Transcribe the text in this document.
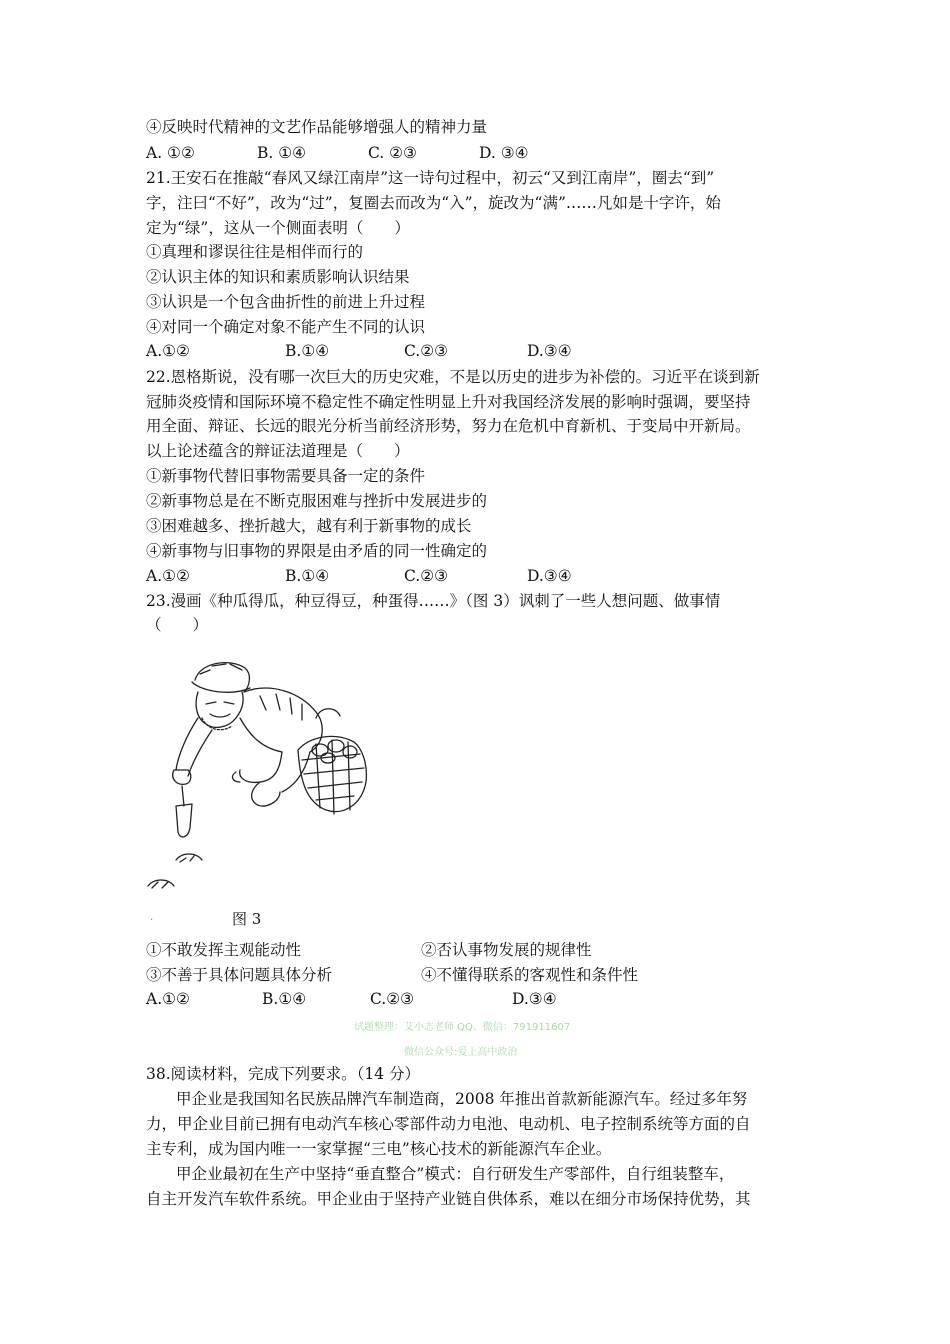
④反映时代精神的文艺作品能够增强人的精神力量
A. ①②	B. ①④	C. ②③	D. ③④
21.王安石在推敲“春风又绿江南岸”这一诗句过程中，初云“又到江南岸”，圈去“到”
字，注曰“不好”，改为“过”，复圈去而改为“入”，旋改为“满”……凡如是十字许，始
定为“绿”，这从一个侧面表明（　　）
①真理和谬误往往是相伴而行的
②认识主体的知识和素质影响认识结果
③认识是一个包含曲折性的前进上升过程
④对同一个确定对象不能产生不同的认识
A.①②	B.①④	C.②③	D.③④
22.恩格斯说，没有哪一次巨大的历史灾难，不是以历史的进步为补偿的。习近平在谈到新
冠肺炎疫情和国际环境不稳定性不确定性明显上升对我国经济发展的影响时强调，要坚持
用全面、辩证、长远的眼光分析当前经济形势，努力在危机中育新机、于变局中开新局。
以上论述蕴含的辩证法道理是（　　）
①新事物代替旧事物需要具备一定的条件
②新事物总是在不断克服困难与挫折中发展进步的
③困难越多、挫折越大，越有利于新事物的成长
④新事物与旧事物的界限是由矛盾的同一性确定的
A.①②	B.①④	C.②③	D.③④
23.漫画《种瓜得瓜，种豆得豆，种蛋得……》（图 3）讽刺了一些人想问题、做事情
（　　）
.	图 3
①不敢发挥主观能动性	②否认事物发展的规律性
③不善于具体问题具体分析	④不懂得联系的客观性和条件性
A.①②	B.①④	C.②③	D.③④
试题整理：艾小志老师 QQ、微信：791911607
微信公众号:爱上高中政治
38.阅读材料，完成下列要求。（14 分）
甲企业是我国知名民族品牌汽车制造商，2008 年推出首款新能源汽车。经过多年努
力，甲企业目前已拥有电动汽车核心零部件动力电池、电动机、电子控制系统等方面的自
主专利，成为国内唯一一家掌握“三电”核心技术的新能源汽车企业。
甲企业最初在生产中坚持“垂直整合”模式：自行研发生产零部件，自行组装整车，
自主开发汽车软件系统。甲企业由于坚持产业链自供体系，难以在细分市场保持优势，其
